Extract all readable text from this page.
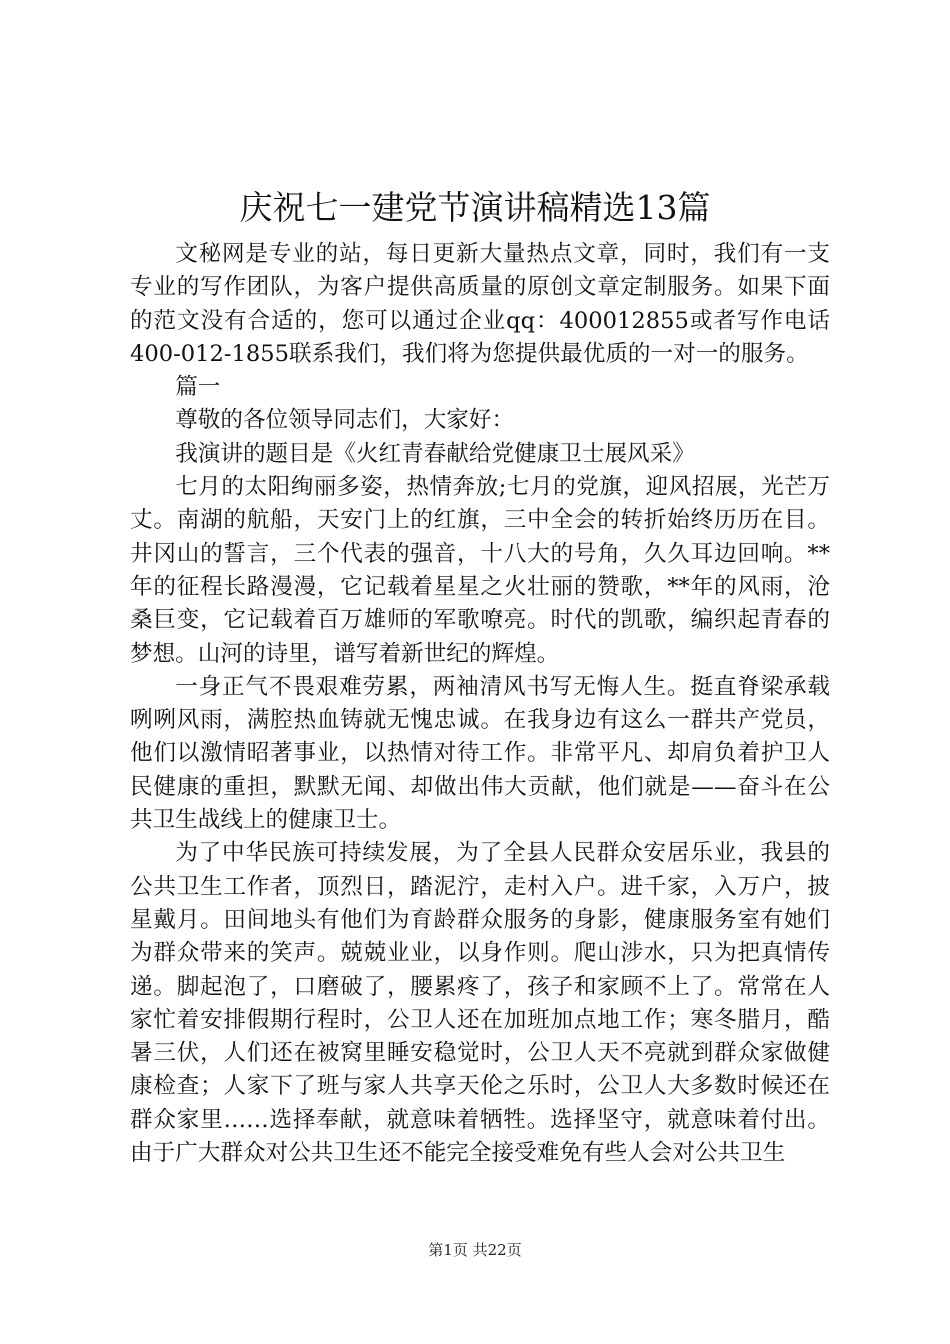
庆祝七一建党节演讲稿精选13篇

文秘网是专业的站，每日更新大量热点文章，同时，我们有一支专业的写作团队，为客户提供高质量的原创文章定制服务。如果下面的范文没有合适的，您可以通过企业qq：400012855或者写作电话400-012-1855联系我们，我们将为您提供最优质的一对一的服务。

篇一

尊敬的各位领导同志们，大家好：

我演讲的题目是《火红青春献给党健康卫士展风采》

七月的太阳绚丽多姿，热情奔放;七月的党旗，迎风招展，光芒万丈。南湖的航船，天安门上的红旗，三中全会的转折始终历历在目。井冈山的誓言，三个代表的强音，十八大的号角，久久耳边回响。**年的征程长路漫漫，它记载着星星之火壮丽的赞歌，**年的风雨，沧桑巨变，它记载着百万雄师的军歌嘹亮。时代的凯歌，编织起青春的梦想。山河的诗里，谱写着新世纪的辉煌。

一身正气不畏艰难劳累，两袖清风书写无悔人生。挺直脊梁承载咧咧风雨，满腔热血铸就无愧忠诚。在我身边有这么一群共产党员，他们以激情昭著事业，以热情对待工作。非常平凡、却肩负着护卫人民健康的重担，默默无闻、却做出伟大贡献，他们就是——奋斗在公共卫生战线上的健康卫士。

为了中华民族可持续发展，为了全县人民群众安居乐业，我县的公共卫生工作者，顶烈日，踏泥泞，走村入户。进千家，入万户，披星戴月。田间地头有他们为育龄群众服务的身影，健康服务室有她们为群众带来的笑声。兢兢业业，以身作则。爬山涉水，只为把真情传递。脚起泡了，口磨破了，腰累疼了，孩子和家顾不上了。常常在人家忙着安排假期行程时，公卫人还在加班加点地工作；寒冬腊月，酷暑三伏，人们还在被窝里睡安稳觉时，公卫人天不亮就到群众家做健康检查；人家下了班与家人共享天伦之乐时，公卫人大多数时候还在群众家里……选择奉献，就意味着牺牲。选择坚守，就意味着付出。由于广大群众对公共卫生还不能完全接受难免有些人会对公共卫生

第1页 共22页
